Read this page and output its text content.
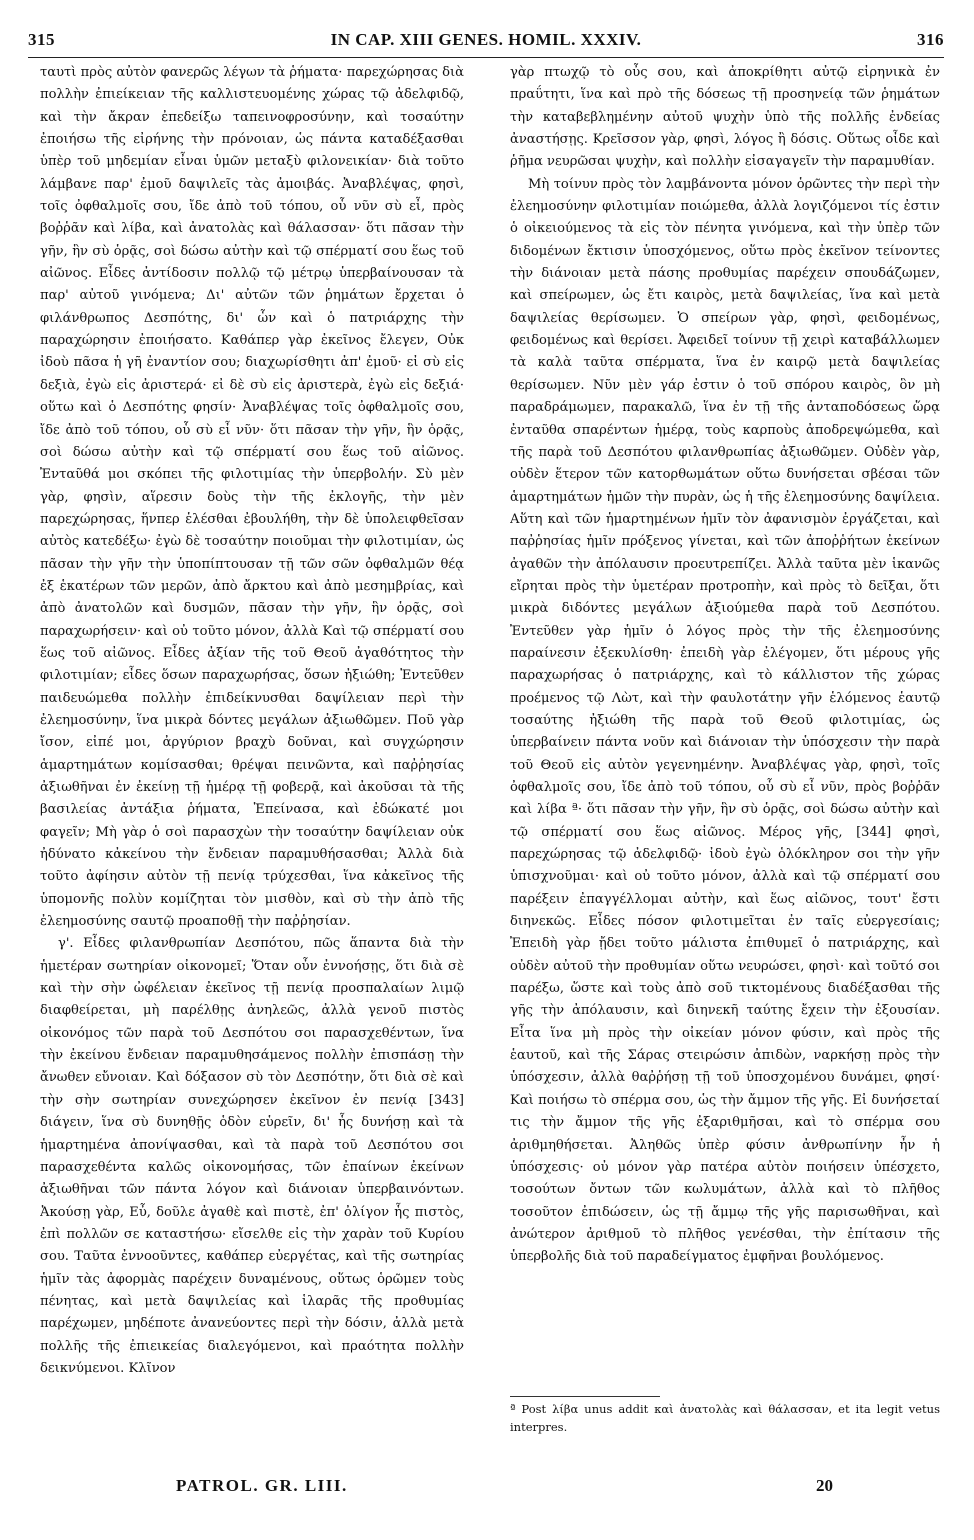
315	IN CAP. XIII GENES. HOMIL. XXXIV.	316

ταυτὶ πρὸς αὐτὸν φανερῶς λέγων τὰ ῥήματα· παρεχώρησας διὰ πολλὴν ἐπιείκειαν τῆς καλλιστευομένης χώρας τῷ ἀδελφιδῷ, καὶ τὴν ἄκραν ἐπεδείξω ταπεινοφροσύνην, καὶ τοσαύτην ἐποιήσω τῆς εἰρήνης τὴν πρόνοιαν, ὡς πάντα καταδέξασθαι ὑπὲρ τοῦ μηδεμίαν εἶναι ὑμῶν μεταξὺ φιλονεικίαν· διὰ τοῦτο λάμβανε παρ' ἐμοῦ δαψιλεῖς τὰς ἀμοιβάς. Ἀναβλέψας, φησὶ, τοῖς ὀφθαλμοῖς σου, ἴδε ἀπὸ τοῦ τόπου, οὗ νῦν σὺ εἶ, πρὸς βοῤῥᾶν καὶ λίβα, καὶ ἀνατολὰς καὶ θάλασσαν· ὅτι πᾶσαν τὴν γῆν, ἣν σὺ ὁρᾷς, σοὶ δώσω αὐτὴν καὶ τῷ σπέρματί σου ἕως τοῦ αἰῶνος. Εἶδες ἀντίδοσιν πολλῷ τῷ μέτρῳ ὑπερβαίνουσαν τὰ παρ' αὐτοῦ γινόμενα; Δι' αὐτῶν τῶν ῥημάτων ἔρχεται ὁ φιλάνθρωπος Δεσπότης, δι' ὧν καὶ ὁ πατριάρχης τὴν παραχώρησιν ἐποιήσατο. Καθάπερ γὰρ ἐκεῖνος ἔλεγεν, Οὐκ ἰδοὺ πᾶσα ἡ γῆ ἐναντίον σου; διαχωρίσθητι ἀπ' ἐμοῦ· εἰ σὺ εἰς δεξιὰ, ἐγὼ εἰς ἀριστερά· εἰ δὲ σὺ εἰς ἀριστερὰ, ἐγὼ εἰς δεξιά· οὕτω καὶ ὁ Δεσπότης φησίν· Ἀναβλέψας τοῖς ὀφθαλμοῖς σου, ἴδε ἀπὸ τοῦ τόπου, οὗ σὺ εἶ νῦν· ὅτι πᾶσαν τὴν γῆν, ἣν ὁρᾷς, σοὶ δώσω αὐτὴν καὶ τῷ σπέρματί σου ἕως τοῦ αἰῶνος. Ἐνταῦθά μοι σκόπει τῆς φιλοτιμίας τὴν ὑπερβολήν. Σὺ μὲν γὰρ, φησὶν, αἵρεσιν δοὺς τὴν τῆς ἐκλογῆς, τὴν μὲν παρεχώρησας, ἥνπερ ἑλέσθαι ἐβουλήθη, τὴν δὲ ὑπολειφθεῖσαν αὐτὸς κατεδέξω· ἐγὼ δὲ τοσαύτην ποιοῦμαι τὴν φιλοτιμίαν, ὡς πᾶσαν τὴν γῆν τὴν ὑποπίπτουσαν τῇ τῶν σῶν ὀφθαλμῶν θέᾳ ἐξ ἑκατέρων τῶν μερῶν, ἀπὸ ἄρκτου καὶ ἀπὸ μεσημβρίας, καὶ ἀπὸ ἀνατολῶν καὶ δυσμῶν, πᾶσαν τὴν γῆν, ἣν ὁρᾷς, σοὶ παραχωρήσειν· καὶ οὐ τοῦτο μόνον, ἀλλὰ Καὶ τῷ σπέρματί σου ἕως τοῦ αἰῶνος. Εἶδες ἀξίαν τῆς τοῦ Θεοῦ ἀγαθότητος τὴν φιλοτιμίαν; εἶδες ὅσων παραχωρήσας, ὅσων ἠξιώθη; Ἐντεῦθεν παιδευώμεθα πολλὴν ἐπιδείκνυσθαι δαψίλειαν περὶ τὴν ἐλεημοσύνην, ἵνα μικρὰ δόντες μεγάλων ἀξιωθῶμεν. Ποῦ γὰρ ἴσον, εἰπέ μοι, ἀργύριον βραχὺ δοῦναι, καὶ συγχώρησιν ἁμαρτημάτων κομίσασθαι; θρέψαι πεινῶντα, καὶ παῤῥησίας ἀξιωθῆναι ἐν ἐκείνῃ τῇ ἡμέρᾳ τῇ φοβερᾷ, καὶ ἀκοῦσαι τὰ τῆς βασιλείας ἀντάξια ῥήματα, Ἐπείνασα, καὶ ἐδώκατέ μοι φαγεῖν; Μὴ γὰρ ὁ σοὶ παρασχὼν τὴν τοσαύτην δαψίλειαν οὐκ ἠδύνατο κἀκείνου τὴν ἔνδειαν παραμυθήσασθαι; Ἀλλὰ διὰ τοῦτο ἀφίησιν αὐτὸν τῇ πενίᾳ τρύχεσθαι, ἵνα κἀκεῖνος τῆς ὑπομονῆς πολὺν κομίζηται τὸν μισθὸν, καὶ σὺ τὴν ἀπὸ τῆς ἐλεημοσύνης σαυτῷ προαποθῇ τὴν παῤῥησίαν.

γ'. Εἶδες φιλανθρωπίαν Δεσπότου, πῶς ἅπαντα διὰ τὴν ἡμετέραν σωτηρίαν οἰκονομεῖ; Ὅταν οὖν ἐννοήσῃς, ὅτι διὰ σὲ καὶ τὴν σὴν ὠφέλειαν ἐκεῖνος τῇ πενίᾳ προσπαλαίων λιμῷ διαφθείρεται, μὴ παρέλθῃς ἀνηλεῶς, ἀλλὰ γενοῦ πιστὸς οἰκονόμος τῶν παρὰ τοῦ Δεσπότου σοι παρασχεθέντων, ἵνα τὴν ἐκείνου ἔνδειαν παραμυθησάμενος πολλὴν ἐπισπάσῃ τὴν ἄνωθεν εὔνοιαν. Καὶ δόξασον σὺ τὸν Δεσπότην, ὅτι διὰ σὲ καὶ τὴν σὴν σωτηρίαν συνεχώρησεν ἐκεῖνον ἐν πενίᾳ [343] διάγειν, ἵνα σὺ δυνηθῇς ὁδὸν εὑρεῖν, δι' ἧς δυνήσῃ καὶ τὰ ἡμαρτημένα ἀπονίψασθαι, καὶ τὰ παρὰ τοῦ Δεσπότου σοι παρασχεθέντα καλῶς οἰκονομήσας, τῶν ἐπαίνων ἐκείνων ἀξιωθῆναι τῶν πάντα λόγον καὶ διάνοιαν ὑπερβαινόντων. Ἀκούσῃ γὰρ, Εὖ, δοῦλε ἀγαθὲ καὶ πιστὲ, ἐπ' ὀλίγον ἧς πιστὸς, ἐπὶ πολλῶν σε καταστήσω· εἴσελθε εἰς τὴν χαρὰν τοῦ Κυρίου σου. Ταῦτα ἐννοοῦντες, καθάπερ εὐεργέτας, καὶ τῆς σωτηρίας ἡμῖν τὰς ἀφορμὰς παρέχειν δυναμένους, οὕτως ὁρῶμεν τοὺς πένητας, καὶ μετὰ δαψιλείας καὶ ἱλαρᾶς τῆς προθυμίας παρέχωμεν, μηδέποτε ἀνανεύοντες περὶ τὴν δόσιν, ἀλλὰ μετὰ πολλῆς τῆς ἐπιεικείας διαλεγόμενοι, καὶ πραότητα πολλὴν δεικνύμενοι. Κλῖνον

γὰρ πτωχῷ τὸ οὖς σου, καὶ ἀποκρίθητι αὐτῷ εἰρηνικὰ ἐν πραΰτητι, ἵνα καὶ πρὸ τῆς δόσεως τῇ προσηνείᾳ τῶν ῥημάτων τὴν καταβεβλημένην αὐτοῦ ψυχὴν ὑπὸ τῆς πολλῆς ἐνδείας ἀναστήσῃς. Κρεῖσσον γὰρ, φησὶ, λόγος ἢ δόσις. Οὕτως οἶδε καὶ ῥῆμα νευρῶσαι ψυχὴν, καὶ πολλὴν εἰσαγαγεῖν τὴν παραμυθίαν.

Μὴ τοίνυν πρὸς τὸν λαμβάνοντα μόνον ὁρῶντες τὴν περὶ τὴν ἐλεημοσύνην φιλοτιμίαν ποιώμεθα, ἀλλὰ λογιζόμενοι τίς ἐστιν ὁ οἰκειούμενος τὰ εἰς τὸν πένητα γινόμενα, καὶ τὴν ὑπὲρ τῶν διδομένων ἔκτισιν ὑποσχόμενος, οὕτω πρὸς ἐκεῖνον τείνοντες τὴν διάνοιαν μετὰ πάσης προθυμίας παρέχειν σπουδάζωμεν, καὶ σπείρωμεν, ὡς ἔτι καιρὸς, μετὰ δαψιλείας, ἵνα καὶ μετὰ δαψιλείας θερίσωμεν. Ὁ σπείρων γὰρ, φησὶ, φειδομένως, φειδομένως καὶ θερίσει. Ἀφειδεῖ τοίνυν τῇ χειρὶ καταβάλλωμεν τὰ καλὰ ταῦτα σπέρματα, ἵνα ἐν καιρῷ μετὰ δαψιλείας θερίσωμεν. Νῦν μὲν γάρ ἐστιν ὁ τοῦ σπόρου καιρὸς, ὃν μὴ παραδράμωμεν, παρακαλῶ, ἵνα ἐν τῇ τῆς ἀνταποδόσεως ὥρᾳ ἐνταῦθα σπαρέντων ἡμέρᾳ, τοὺς καρποὺς ἀποδρεψώμεθα, καὶ τῆς παρὰ τοῦ Δεσπότου φιλανθρωπίας ἀξιωθῶμεν. Οὐδὲν γὰρ, οὐδὲν ἕτερον τῶν κατορθωμάτων οὕτω δυνήσεται σβέσαι τῶν ἁμαρτημάτων ἡμῶν τὴν πυρὰν, ὡς ἡ τῆς ἐλεημοσύνης δαψίλεια. Αὕτη καὶ τῶν ἡμαρτημένων ἡμῖν τὸν ἀφανισμὸν ἐργάζεται, καὶ παῤῥησίας ἡμῖν πρόξενος γίνεται, καὶ τῶν ἀποῤῥήτων ἐκείνων ἀγαθῶν τὴν ἀπόλαυσιν προευτρεπίζει. Ἀλλὰ ταῦτα μὲν ἱκανῶς εἴρηται πρὸς τὴν ὑμετέραν προτροπὴν, καὶ πρὸς τὸ δεῖξαι, ὅτι μικρὰ διδόντες μεγάλων ἀξιούμεθα παρὰ τοῦ Δεσπότου. Ἐντεῦθεν γὰρ ἡμῖν ὁ λόγος πρὸς τὴν τῆς ἐλεημοσύνης παραίνεσιν ἐξεκυλίσθη· ἐπειδὴ γὰρ ἐλέγομεν, ὅτι μέρους γῆς παραχωρήσας ὁ πατριάρχης, καὶ τὸ κάλλιστον τῆς χώρας προέμενος τῷ Λὼτ, καὶ τὴν φαυλοτάτην γῆν ἑλόμενος ἑαυτῷ τοσαύτης ἠξιώθη τῆς παρὰ τοῦ Θεοῦ φιλοτιμίας, ὡς ὑπερβαίνειν πάντα νοῦν καὶ διάνοιαν τὴν ὑπόσχεσιν τὴν παρὰ τοῦ Θεοῦ εἰς αὐτὸν γεγενημένην. Ἀναβλέψας γὰρ, φησὶ, τοῖς ὀφθαλμοῖς σου, ἴδε ἀπὸ τοῦ τόπου, οὗ σὺ εἶ νῦν, πρὸς βοῤῥᾶν καὶ λίβα ª· ὅτι πᾶσαν τὴν γῆν, ἣν σὺ ὁρᾷς, σοὶ δώσω αὐτὴν καὶ τῷ σπέρματί σου ἕως αἰῶνος. Μέρος γῆς, [344] φησὶ, παρεχώρησας τῷ ἀδελφιδῷ· ἰδοὺ ἐγὼ ὁλόκληρον σοι τὴν γῆν ὑπισχνοῦμαι· καὶ οὐ τοῦτο μόνον, ἀλλὰ καὶ τῷ σπέρματί σου παρέξειν ἐπαγγέλλομαι αὐτὴν, καὶ ἕως αἰῶνος, τουτ' ἔστι διηνεκῶς. Εἶδες πόσον φιλοτιμεῖται ἐν ταῖς εὐεργεσίαις; Ἐπειδὴ γὰρ ᾔδει τοῦτο μάλιστα ἐπιθυμεῖ ὁ πατριάρχης, καὶ οὐδὲν αὐτοῦ τὴν προθυμίαν οὕτω νευρώσει, φησὶ· καὶ τοῦτό σοι παρέξω, ὥστε καὶ τοὺς ἀπὸ σοῦ τικτομένους διαδέξασθαι τῆς γῆς τὴν ἀπόλαυσιν, καὶ διηνεκῆ ταύτης ἔχειν τὴν ἐξουσίαν. Εἶτα ἵνα μὴ πρὸς τὴν οἰκείαν μόνον φύσιν, καὶ πρὸς τῆς ἑαυτοῦ, καὶ τῆς Σάρας στειρώσιν ἀπιδὼν, ναρκήσῃ πρὸς τὴν ὑπόσχεσιν, ἀλλὰ θαῤῥήσῃ τῇ τοῦ ὑποσχομένου δυνάμει, φησί· Καὶ ποιήσω τὸ σπέρμα σου, ὡς τὴν ἄμμον τῆς γῆς. Εἰ δυνήσεταί τις τὴν ἄμμον τῆς γῆς ἐξαριθμῆσαι, καὶ τὸ σπέρμα σου ἀριθμηθήσεται. Ἀληθῶς ὑπὲρ φύσιν ἀνθρωπίνην ἦν ἡ ὑπόσχεσις· οὐ μόνον γὰρ πατέρα αὐτὸν ποιήσειν ὑπέσχετο, τοσούτων ὄντων τῶν κωλυμάτων, ἀλλὰ καὶ τὸ πλῆθος τοσοῦτον ἐπιδώσειν, ὡς τῇ ἄμμῳ τῆς γῆς παρισωθῆναι, καὶ ἀνώτερον ἀριθμοῦ τὸ πλῆθος γενέσθαι, τὴν ἐπίτασιν τῆς ὑπερβολῆς διὰ τοῦ παραδείγματος ἐμφῆναι βουλόμενος.

ª Post λίβα unus addit καὶ ἀνατολὰς καὶ θάλασσαν, et ita legit vetus interpres.
PATROL. GR. LIII.	20
